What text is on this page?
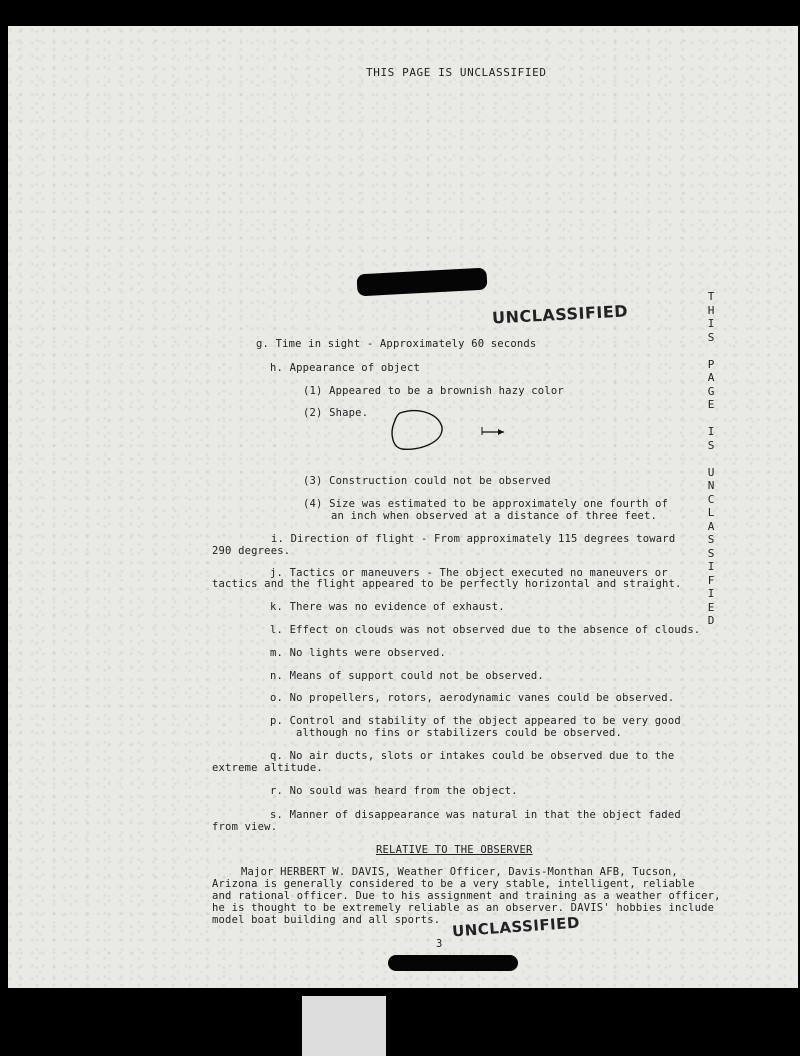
THIS PAGE IS UNCLASSIFIED
UNCLASSIFIED
T
H
I
S
P
A
G
E
I
S
U
N
C
L
A
S
S
I
F
I
E
D
g. Time in sight - Approximately 60 seconds
h. Appearance of object
(1) Appeared to be a brownish hazy color
(2) Shape.
(3) Construction could not be observed
(4) Size was estimated to be approximately one fourth of
an inch when observed at a distance of three feet.
i. Direction of flight - From approximately 115 degrees toward
290 degrees.
j. Tactics or maneuvers - The object executed no maneuvers or
tactics and the flight appeared to be perfectly horizontal and straight.
k. There was no evidence of exhaust.
l. Effect on clouds was not observed due to the absence of clouds.
m. No lights were observed.
n. Means of support could not be observed.
o. No propellers, rotors, aerodynamic vanes could be observed.
p. Control and stability of the object appeared to be very good
although no fins or stabilizers could be observed.
q. No air ducts, slots or intakes could be observed due to the
extreme altitude.
r. No sould was heard from the object.
s. Manner of disappearance was natural in that the object faded
from view.
RELATIVE TO THE OBSERVER
Major HERBERT W. DAVIS, Weather Officer, Davis-Monthan AFB, Tucson,
Arizona is generally considered to be a very stable, intelligent, reliable
and rational officer. Due to his assignment and training as a weather officer,
he is thought to be extremely reliable as an observer. DAVIS' hobbies include
model boat building and all sports. UNCLASSIFIED
3
